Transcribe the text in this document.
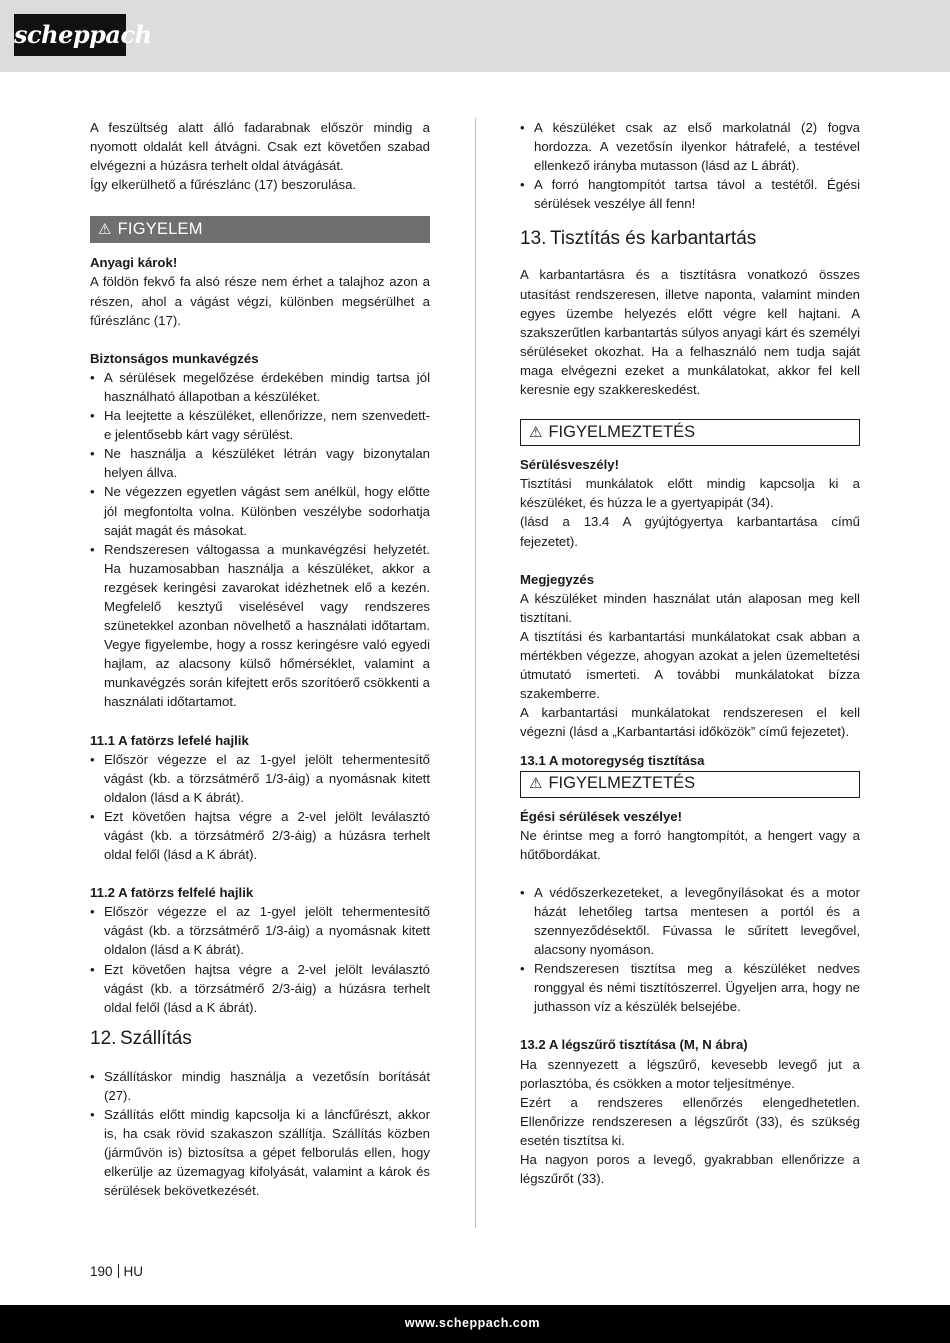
scheppach

A feszültség alatt álló fadarabnak először mindig a nyomott oldalát kell átvágni. Csak ezt követően szabad elvégezni a húzásra terhelt oldal átvágását.

Így elkerülhető a fűrészlánc (17) beszorulása.

⚠ FIGYELEM

Anyagi károk!

A földön fekvő fa alsó része nem érhet a talajhoz azon a részen, ahol a vágást végzi, különben megsérülhet a fűrészlánc (17).

Biztonságos munkavégzés

• A sérülések megelőzése érdekében mindig tartsa jól használható állapotban a készüléket.
• Ha leejtette a készüléket, ellenőrizze, nem szenvedett-e jelentősebb kárt vagy sérülést.
• Ne használja a készüléket létrán vagy bizonytalan helyen állva.
• Ne végezzen egyetlen vágást sem anélkül, hogy előtte jól megfontolta volna. Különben veszélybe sodorhatja saját magát és másokat.
• Rendszeresen váltogassa a munkavégzési helyzetét. Ha huzamosabban használja a készüléket, akkor a rezgések keringési zavarokat idézhetnek elő a kezén. Megfelelő kesztyű viselésével vagy rendszeres szünetekkel azonban növelhető a használati időtartam. Vegye figyelembe, hogy a rossz keringésre való egyedi hajlam, az alacsony külső hőmérséklet, valamint a munkavégzés során kifejtett erős szorítóerő csökkenti a használati időtartamot.

11.1 A fatörzs lefelé hajlik

• Először végezze el az 1-gyel jelölt tehermentesítő vágást (kb. a törzsátmérő 1/3-áig) a nyomásnak kitett oldalon (lásd a K ábrát).
• Ezt követően hajtsa végre a 2-vel jelölt leválasztó vágást (kb. a törzsátmérő 2/3-áig) a húzásra terhelt oldal felől (lásd a K ábrát).

11.2 A fatörzs felfelé hajlik

• Először végezze el az 1-gyel jelölt tehermentesítő vágást (kb. a törzsátmérő 1/3-áig) a nyomásnak kitett oldalon (lásd a K ábrát).
• Ezt követően hajtsa végre a 2-vel jelölt leválasztó vágást (kb. a törzsátmérő 2/3-áig) a húzásra terhelt oldal felől (lásd a K ábrát).
12. Szállítás
• Szállításkor mindig használja a vezetősín borítását (27).
• Szállítás előtt mindig kapcsolja ki a láncfűrészt, akkor is, ha csak rövid szakaszon szállítja. Szállítás közben (járművön is) biztosítsa a gépet felborulás ellen, hogy elkerülje az üzemagyag kifolyását, valamint a károk és sérülések bekövetkezését.
• A készüléket csak az első markolatnál (2) fogva hordozza. A vezetősín ilyenkor hátrafelé, a testével ellenkező irányba mutasson (lásd az L ábrát).
• A forró hangtompítót tartsa távol a testétől. Égési sérülések veszélye áll fenn!
13. Tisztítás és karbantartás

A karbantartásra és a tisztításra vonatkozó összes utasítást rendszeresen, illetve naponta, valamint minden egyes üzembe helyezés előtt végre kell hajtani. A szakszerűtlen karbantartás súlyos anyagi kárt és személyi sérüléseket okozhat. Ha a felhasználó nem tudja saját maga elvégezni ezeket a munkálatokat, akkor fel kell keresnie egy szakkereskedést.

⚠ FIGYELMEZTETÉS

Sérülésveszély!

Tisztítási munkálatok előtt mindig kapcsolja ki a készüléket, és húzza le a gyertyapipát (34).

(lásd a 13.4 A gyújtógyertya karbantartása című fejezetet).

Megjegyzés

A készüléket minden használat után alaposan meg kell tisztítani.

A tisztítási és karbantartási munkálatokat csak abban a mértékben végezze, ahogyan azokat a jelen üzemeltetési útmutató ismerteti. A további munkálatokat bízza szakemberre.

A karbantartási munkálatokat rendszeresen el kell végezni (lásd a „Karbantartási időközök” című fejezetet).

13.1 A motoregység tisztítása

⚠ FIGYELMEZTETÉS

Égési sérülések veszélye!

Ne érintse meg a forró hangtompítót, a hengert vagy a hűtőbordákat.

• A védőszerkezeteket, a levegőnyílásokat és a motor házát lehetőleg tartsa mentesen a portól és a szennyeződésektől. Fúvassa le sűrített levegővel, alacsony nyomáson.
• Rendszeresen tisztítsa meg a készüléket nedves ronggyal és némi tisztítószerrel. Ügyeljen arra, hogy ne juthasson víz a készülék belsejébe.

13.2 A légszűrő tisztítása (M, N ábra)

Ha szennyezett a légszűrő, kevesebb levegő jut a porlasztóba, és csökken a motor teljesítménye.

Ezért a rendszeres ellenőrzés elengedhetetlen. Ellenőrizze rendszeresen a légszűrőt (33), és szükség esetén tisztítsa ki.

Ha nagyon poros a levegő, gyakrabban ellenőrizze a légszűrőt (33).

190 HU
www.scheppach.com
